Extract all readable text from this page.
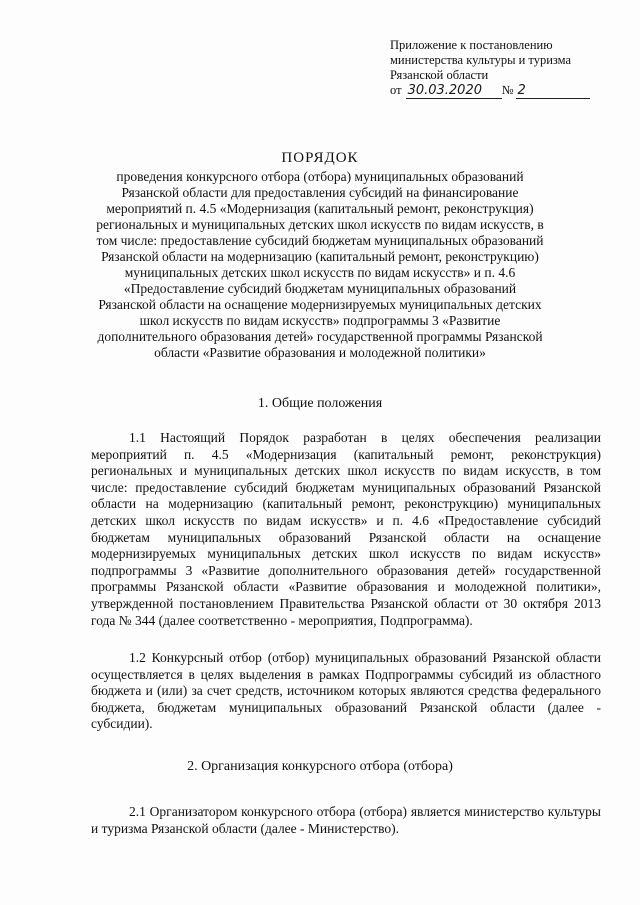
Приложение к постановлению
министерства культуры и туризма
Рязанской области
от 30.03.2020	№ 2
ПОРЯДОК
проведения конкурсного отбора (отбора) муниципальных образований
Рязанской области для предоставления субсидий на финансирование
мероприятий п. 4.5 «Модернизация (капитальный ремонт, реконструкция)
региональных и муниципальных детских школ искусств по видам искусств, в
том числе: предоставление субсидий бюджетам муниципальных образований
Рязанской области на модернизацию (капитальный ремонт, реконструкцию)
муниципальных детских школ искусств по видам искусств» и п. 4.6
«Предоставление субсидий бюджетам муниципальных образований
Рязанской области на оснащение модернизируемых муниципальных детских
школ искусств по видам искусств» подпрограммы 3 «Развитие
дополнительного образования детей» государственной программы Рязанской
области «Развитие образования и молодежной политики»
1. Общие положения

1.1 Настоящий Порядок разработан в целях обеспечения реализации мероприятий п. 4.5 «Модернизация (капитальный ремонт, реконструкция) региональных и муниципальных детских школ искусств по видам искусств, в том числе: предоставление субсидий бюджетам муниципальных образований Рязанской области на модернизацию (капитальный ремонт, реконструкцию) муниципальных детских школ искусств по видам искусств» и п. 4.6 «Предоставление субсидий бюджетам муниципальных образований Рязанской области на оснащение модернизируемых муниципальных детских школ искусств по видам искусств» подпрограммы 3 «Развитие дополнительного образования детей» государственной программы Рязанской области «Развитие образования и молодежной политики», утвержденной постановлением Правительства Рязанской области от 30 октября 2013 года № 344 (далее соответственно - мероприятия, Подпрограмма).

1.2 Конкурсный отбор (отбор) муниципальных образований Рязанской области осуществляется в целях выделения в рамках Подпрограммы субсидий из областного бюджета и (или) за счет средств, источником которых являются средства федерального бюджета, бюджетам муниципальных образований Рязанской области (далее - субсидии).

2. Организация конкурсного отбора (отбора)

2.1 Организатором конкурсного отбора (отбора) является министерство культуры и туризма Рязанской области (далее - Министерство).
